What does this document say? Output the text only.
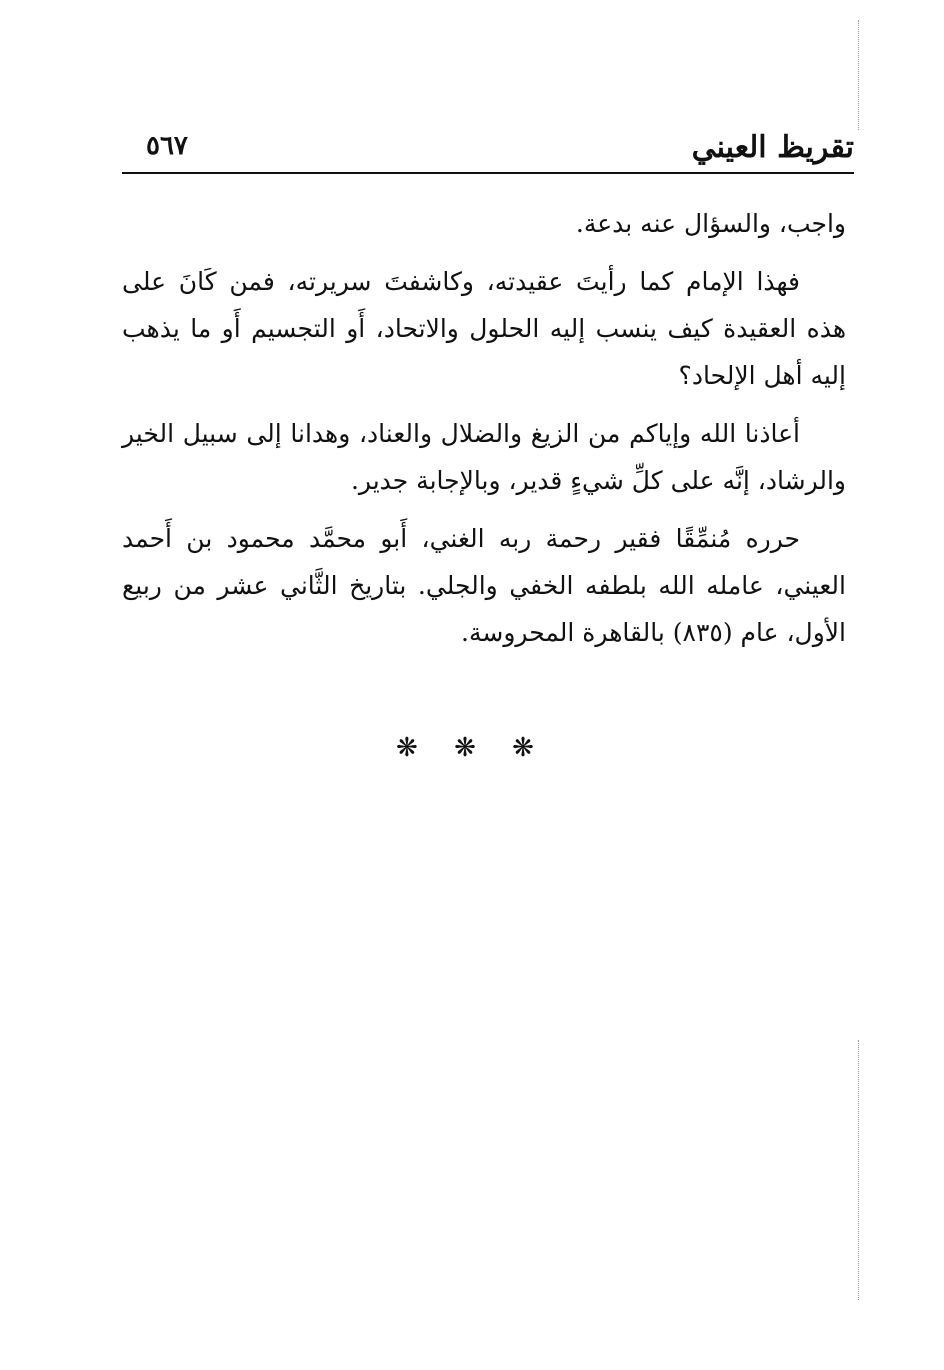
تقريظ العيني
٥٦٧

واجب، والسؤال عنه بدعة.

فهذا الإمام كما رأيتَ عقيدته، وكاشفتَ سريرته، فمن كَانَ على هذه العقيدة كيف ينسب إليه الحلول والاتحاد، أَو التجسيم أَو ما يذهب إليه أهل الإلحاد؟

أعاذنا الله وإياكم من الزيغ والضلال والعناد، وهدانا إلى سبيل الخير والرشاد، إنَّه على كلِّ شيءٍ قدير، وبالإجابة جدير.

حرره مُنمِّقًا فقير رحمة ربه الغني، أَبو محمَّد محمود بن أَحمد العيني، عامله الله بلطفه الخفي والجلي. بتاريخ الثَّاني عشر من ربيع الأول، عام (٨٣٥) بالقاهرة المحروسة.

❋ ❋ ❋
